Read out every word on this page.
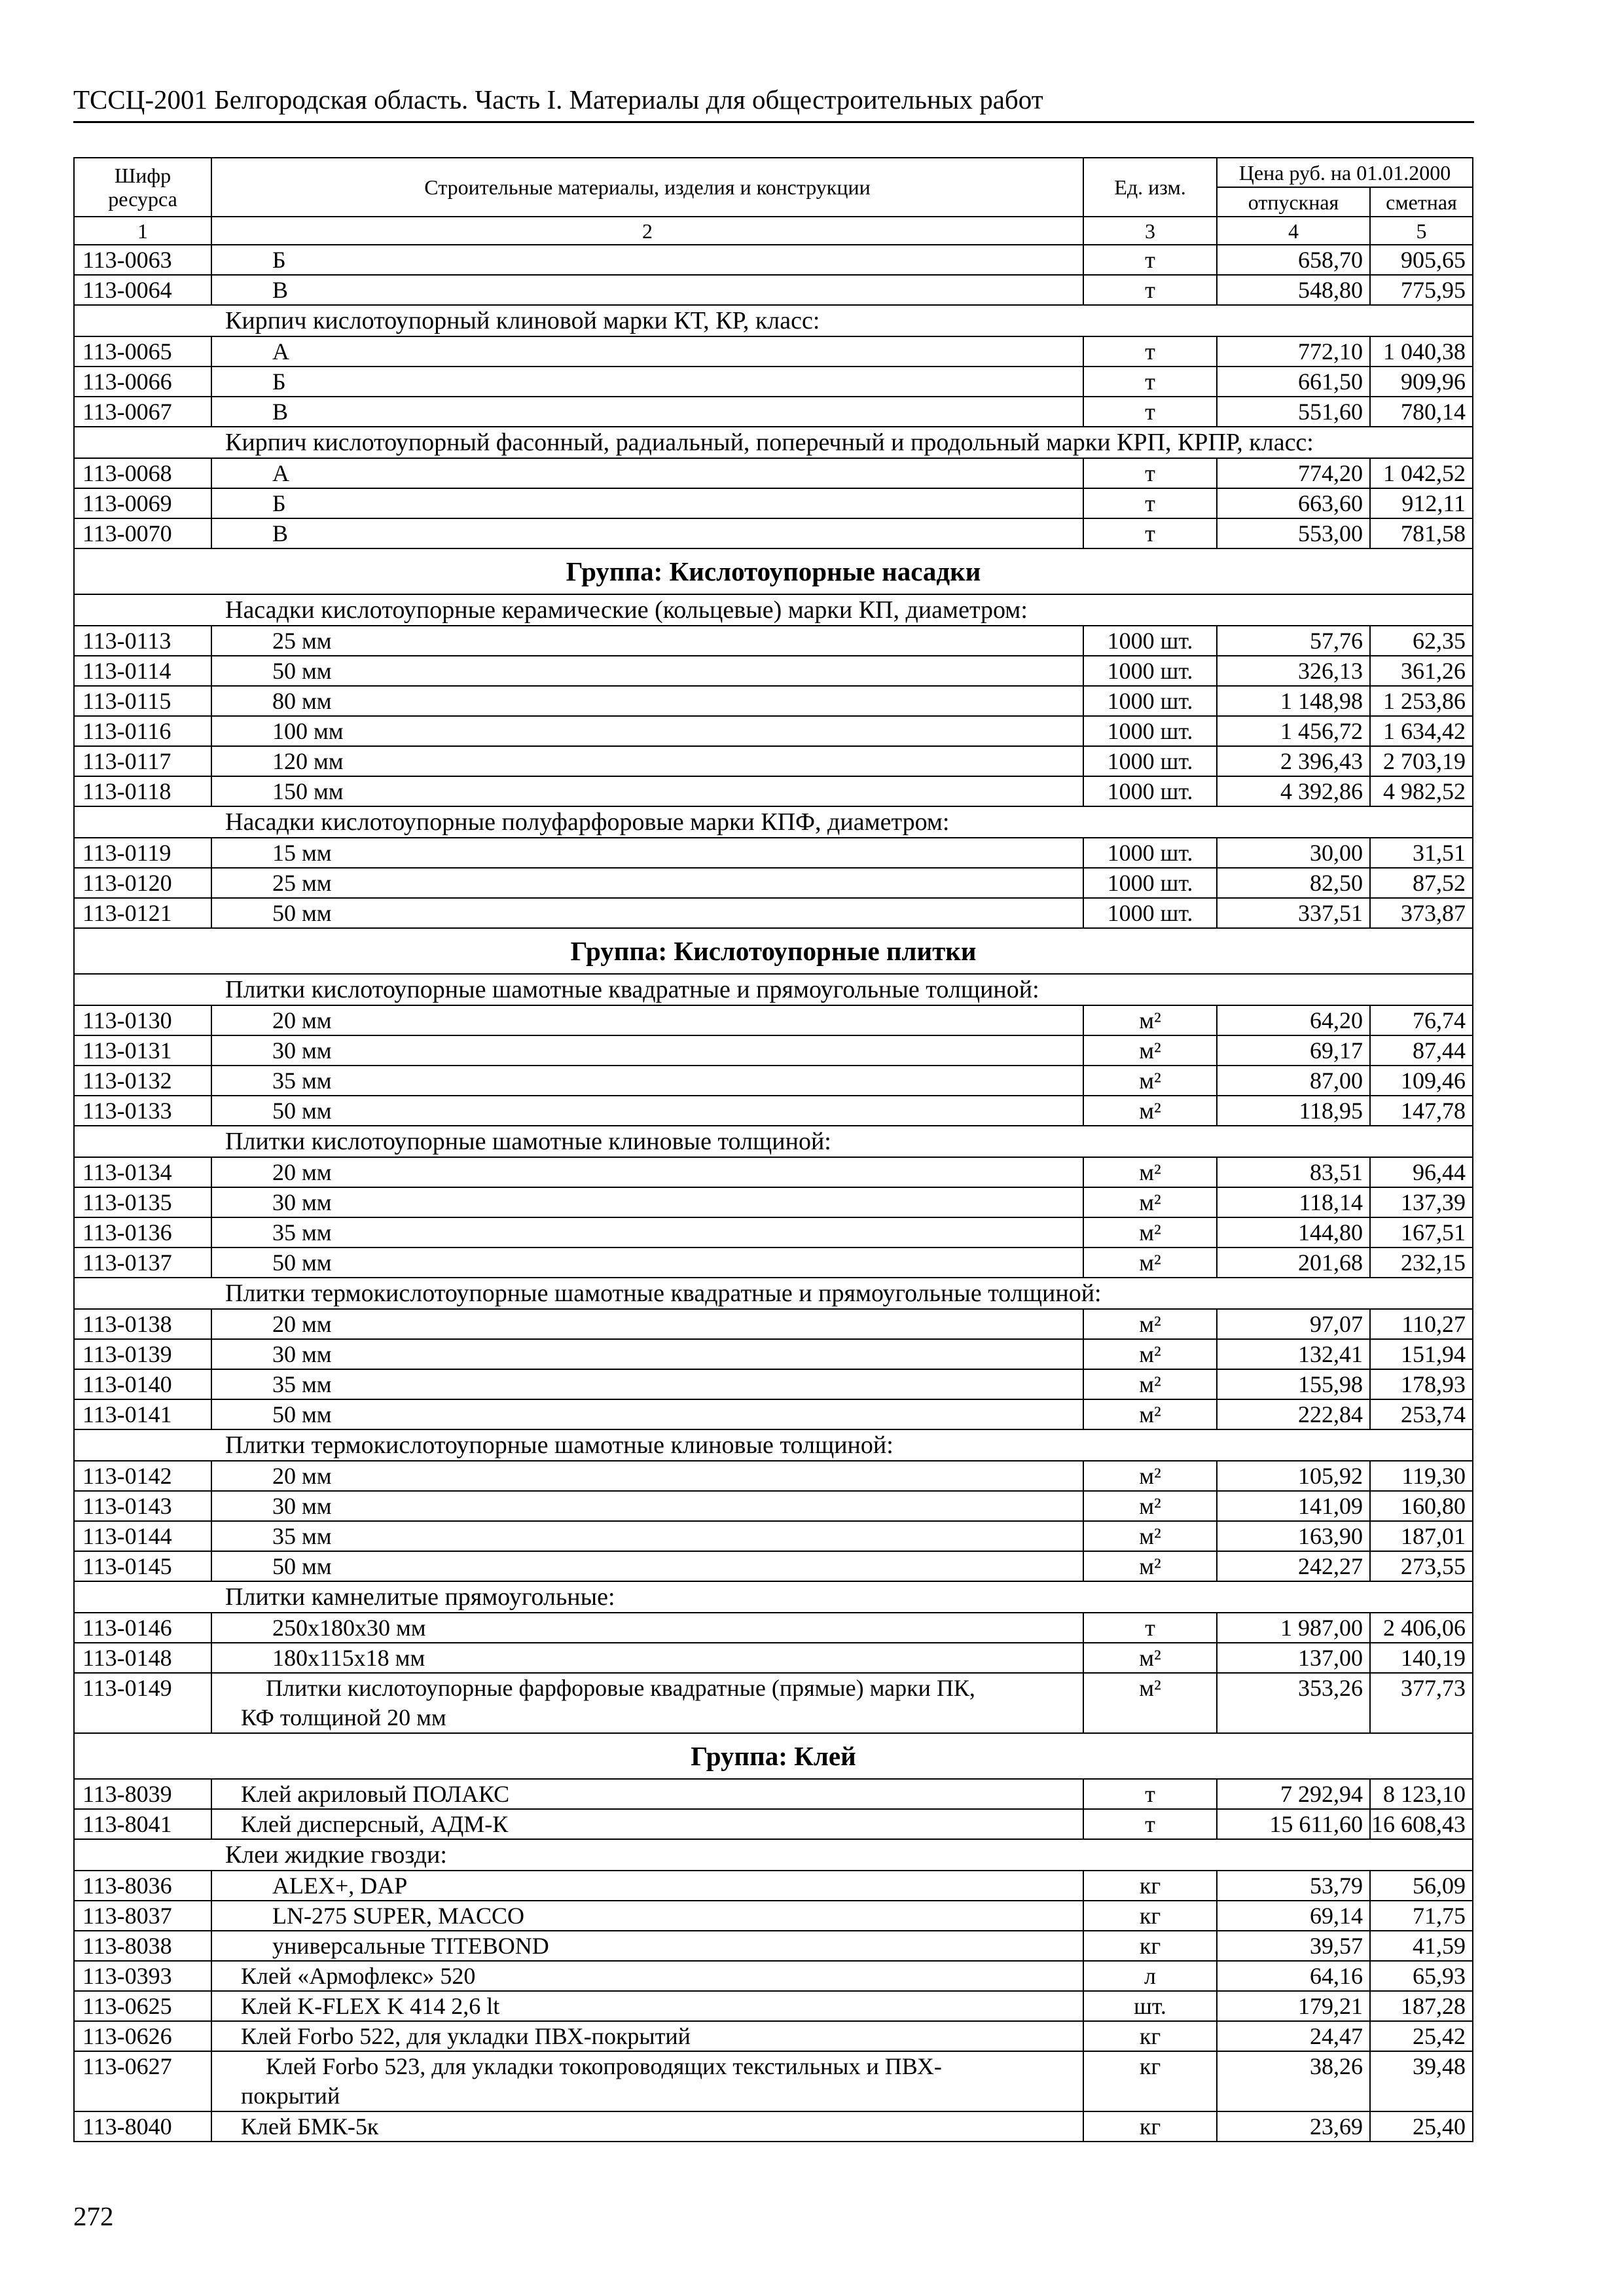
ТССЦ-2001 Белгородская область. Часть I. Материалы для общестроительных работ
Шифр ресурса	Строительные материалы, изделия и конструкции	Ед. изм.	Цена руб. на 01.01.2000	
			отпускная	сметная
1	2	3	4	5
113-0063	Б	т	658,70	905,65
113-0064	В	т	548,80	775,95
Кирпич кислотоупорный клиновой марки КТ, КР, класс:				
113-0065	А	т	772,10	1 040,38
113-0066	Б	т	661,50	909,96
113-0067	В	т	551,60	780,14
Кирпич кислотоупорный фасонный, радиальный, поперечный и продольный марки КРП, КРПР, класс:				
113-0068	А	т	774,20	1 042,52
113-0069	Б	т	663,60	912,11
113-0070	В	т	553,00	781,58
Группа: Кислотоупорные насадки				
Насадки кислотоупорные керамические (кольцевые) марки КП, диаметром:				
113-0113	25 мм	1000 шт.	57,76	62,35
113-0114	50 мм	1000 шт.	326,13	361,26
113-0115	80 мм	1000 шт.	1 148,98	1 253,86
113-0116	100 мм	1000 шт.	1 456,72	1 634,42
113-0117	120 мм	1000 шт.	2 396,43	2 703,19
113-0118	150 мм	1000 шт.	4 392,86	4 982,52
Насадки кислотоупорные полуфарфоровые марки КПФ, диаметром:				
113-0119	15 мм	1000 шт.	30,00	31,51
113-0120	25 мм	1000 шт.	82,50	87,52
113-0121	50 мм	1000 шт.	337,51	373,87
Группа: Кислотоупорные плитки				
Плитки кислотоупорные шамотные квадратные и прямоугольные толщиной:				
113-0130	20 мм	м²	64,20	76,74
113-0131	30 мм	м²	69,17	87,44
113-0132	35 мм	м²	87,00	109,46
113-0133	50 мм	м²	118,95	147,78
Плитки кислотоупорные шамотные клиновые толщиной:				
113-0134	20 мм	м²	83,51	96,44
113-0135	30 мм	м²	118,14	137,39
113-0136	35 мм	м²	144,80	167,51
113-0137	50 мм	м²	201,68	232,15
Плитки термокислотоупорные шамотные квадратные и прямоугольные толщиной:				
113-0138	20 мм	м²	97,07	110,27
113-0139	30 мм	м²	132,41	151,94
113-0140	35 мм	м²	155,98	178,93
113-0141	50 мм	м²	222,84	253,74
Плитки термокислотоупорные шамотные клиновые толщиной:				
113-0142	20 мм	м²	105,92	119,30
113-0143	30 мм	м²	141,09	160,80
113-0144	35 мм	м²	163,90	187,01
113-0145	50 мм	м²	242,27	273,55
Плитки камнелитые прямоугольные:				
113-0146	250x180x30 мм	т	1 987,00	2 406,06
113-0148	180x115x18 мм	м²	137,00	140,19
113-0149	Плитки кислотоупорные фарфоровые квадратные (прямые) марки ПК,
КФ толщиной 20 мм	м²	353,26	377,73
Группа: Клей				
113-8039	Клей акриловый ПОЛАКС	т	7 292,94	8 123,10
113-8041	Клей дисперсный, АДМ-К	т	15 611,60	16 608,43
Клеи жидкие гвозди:				
113-8036	ALEX+, DAP	кг	53,79	56,09
113-8037	LN-275 SUPER, MACCO	кг	69,14	71,75
113-8038	универсальные TITEBOND	кг	39,57	41,59
113-0393	Клей «Армофлекс» 520	л	64,16	65,93
113-0625	Клей K-FLEX K 414 2,6 lt	шт.	179,21	187,28
113-0626	Клей Forbo 522, для укладки ПВХ-покрытий	кг	24,47	25,42
113-0627	Клей Forbo 523, для укладки токопроводящих текстильных и ПВХ-
покрытий	кг	38,26	39,48
113-8040	Клей БМК-5к	кг	23,69	25,40
272
